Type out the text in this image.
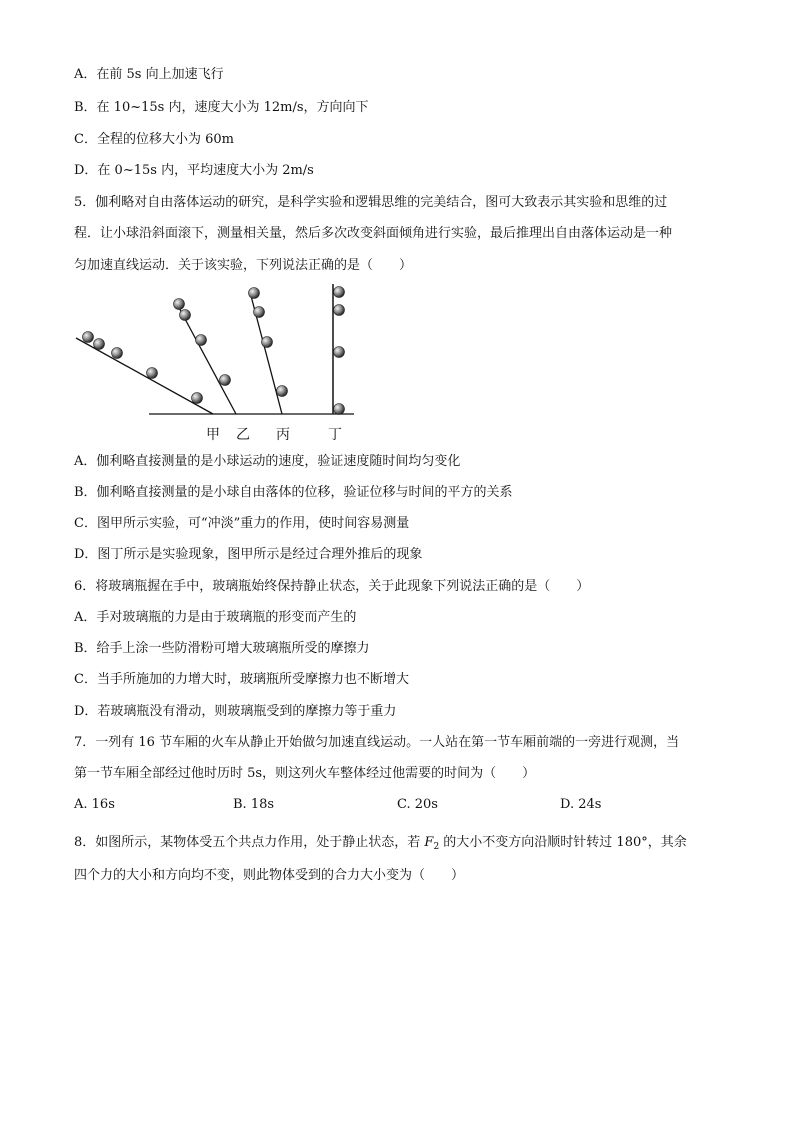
A．在前 5s 向上加速飞行
B．在 10~15s 内，速度大小为 12m/s，方向向下
C．全程的位移大小为 60m
D．在 0~15s 内，平均速度大小为 2m/s
5．伽利略对自由落体运动的研究，是科学实验和逻辑思维的完美结合，图可大致表示其实验和思维的过
程．让小球沿斜面滚下，测量相关量，然后多次改变斜面倾角进行实验，最后推理出自由落体运动是一种
匀加速直线运动．关于该实验，下列说法正确的是（　　）
甲 乙 丙	丁
A．伽利略直接测量的是小球运动的速度，验证速度随时间均匀变化
B．伽利略直接测量的是小球自由落体的位移，验证位移与时间的平方的关系
C．图甲所示实验，可“冲淡”重力的作用，使时间容易测量
D．图丁所示是实验现象，图甲所示是经过合理外推后的现象
6．将玻璃瓶握在手中，玻璃瓶始终保持静止状态，关于此现象下列说法正确的是（　　）
A．手对玻璃瓶的力是由于玻璃瓶的形变而产生的
B．给手上涂一些防滑粉可增大玻璃瓶所受的摩擦力
C．当手所施加的力增大时，玻璃瓶所受摩擦力也不断增大
D．若玻璃瓶没有滑动，则玻璃瓶受到的摩擦力等于重力
7．一列有 16 节车厢的火车从静止开始做匀加速直线运动。一人站在第一节车厢前端的一旁进行观测，当
第一节车厢全部经过他时历时 5s，则这列火车整体经过他需要的时间为（　　）
A. 16s	B. 18s	C. 20s	D. 24s
8．如图所示，某物体受五个共点力作用，处于静止状态，若 $F_2$ 的大小不变方向沿顺时针转过 180°，其余
四个力的大小和方向均不变，则此物体受到的合力大小变为（　　）
